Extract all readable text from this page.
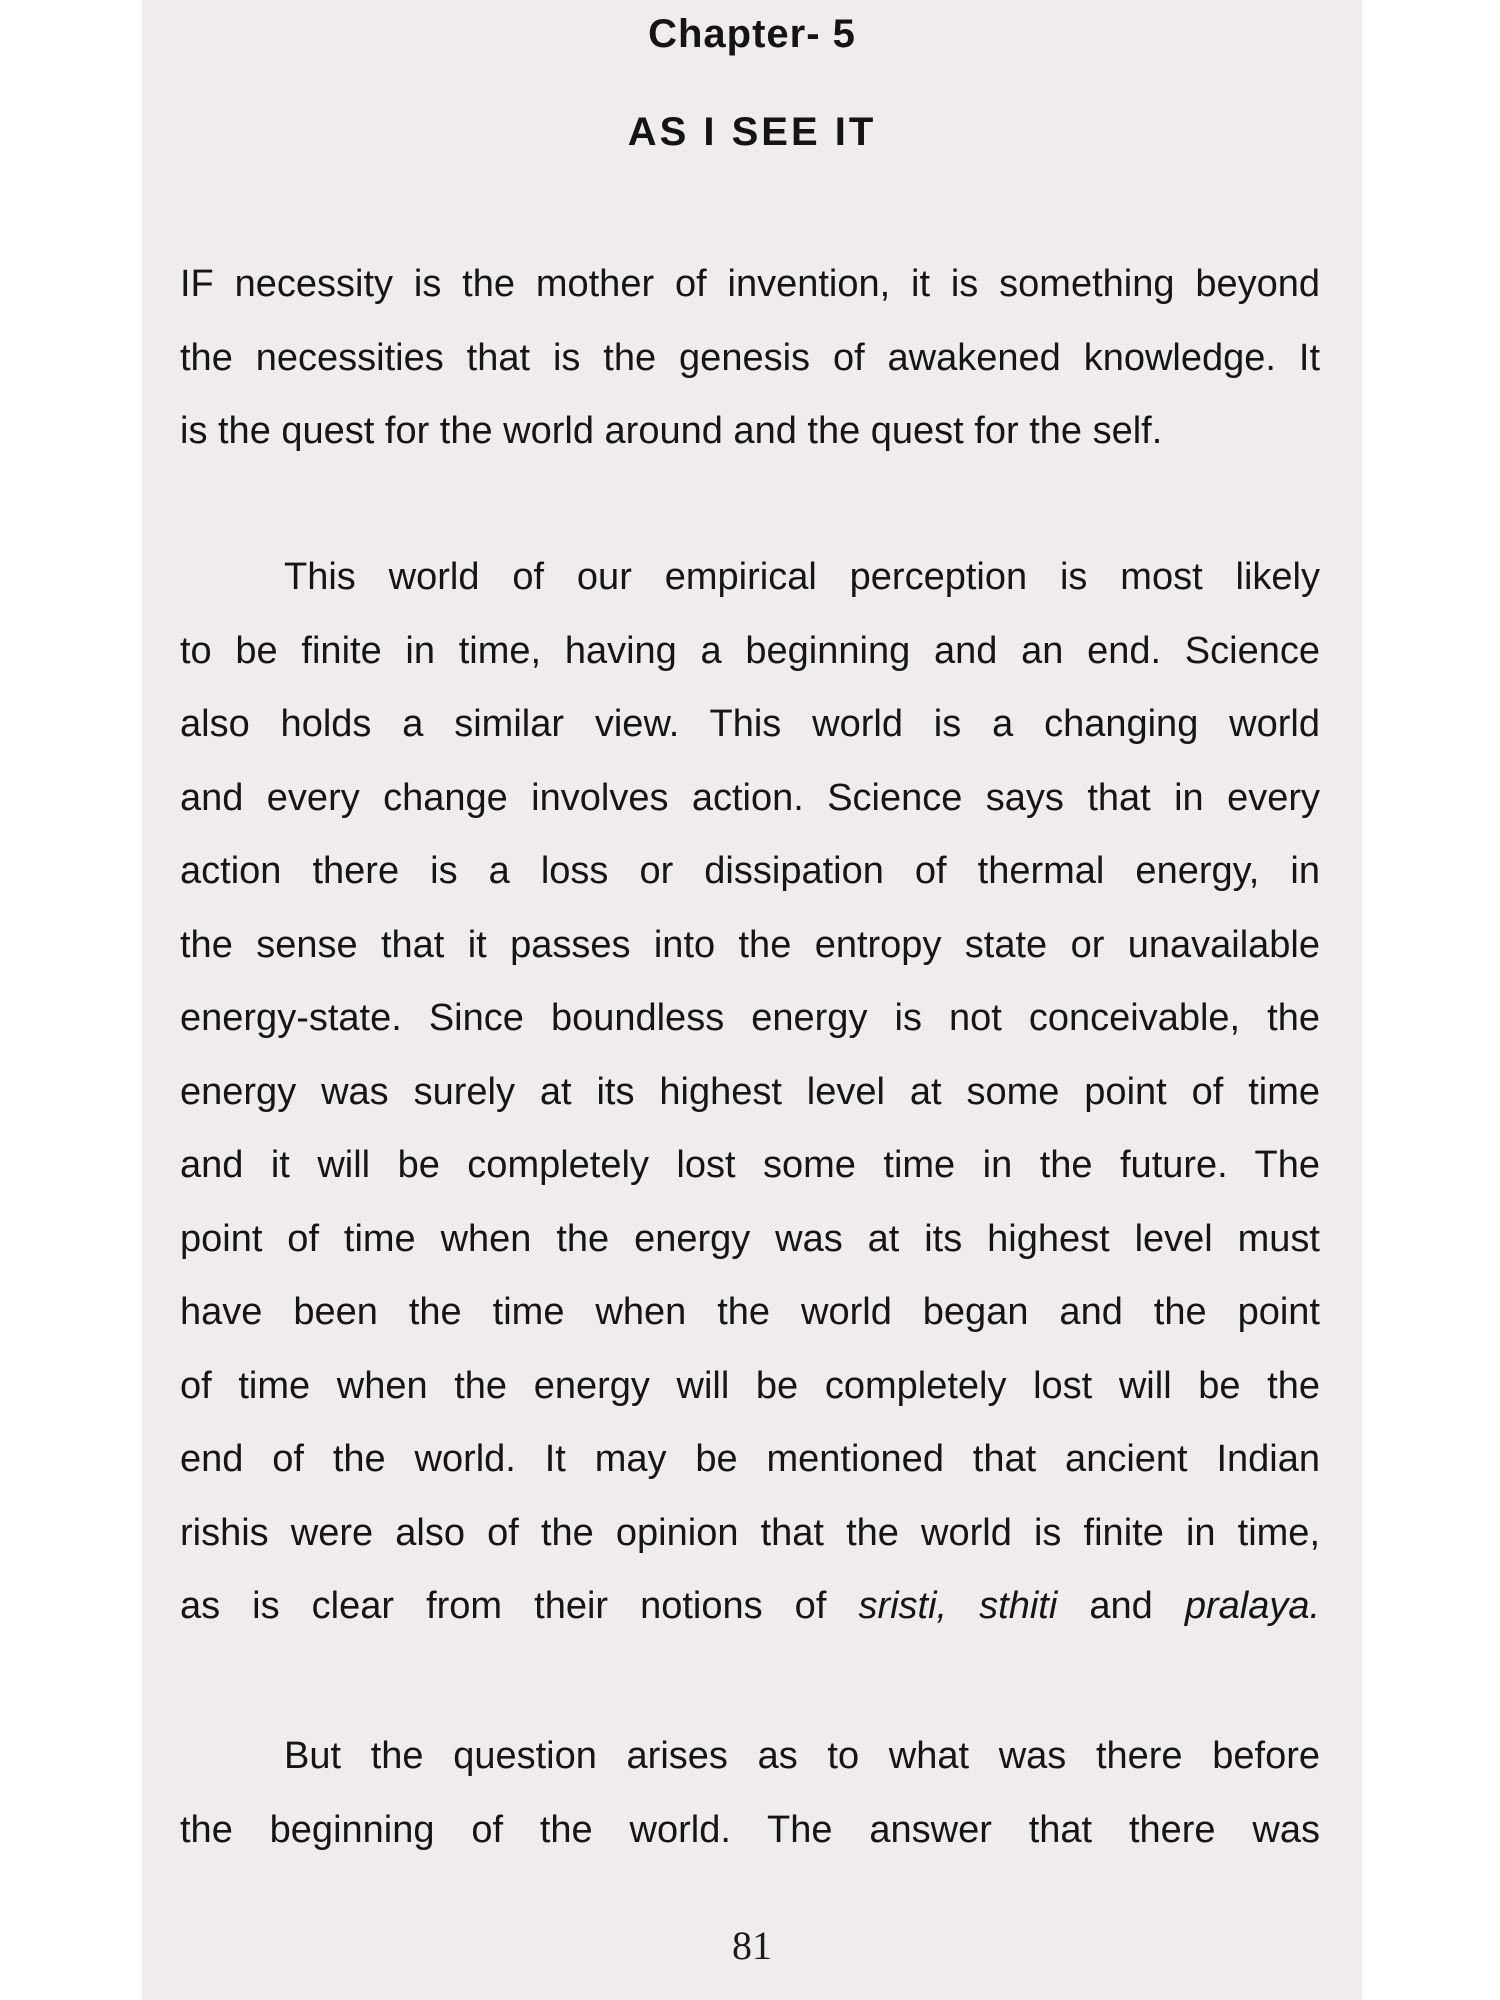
Chapter- 5
AS I SEE IT
IF necessity is the mother of invention, it is something beyond
the necessities that is the genesis of awakened knowledge. It
is the quest for the world around and the quest for the self.
This world of our empirical perception is most likely
to be finite in time, having a beginning and an end. Science
also holds a similar view. This world is a changing world
and every change involves action. Science says that in every
action there is a loss or dissipation of thermal energy, in
the sense that it passes into the entropy state or unavailable
energy-state. Since boundless energy is not conceivable, the
energy was surely at its highest level at some point of time
and it will be completely lost some time in the future. The
point of time when the energy was at its highest level must
have been the time when the world began and the point
of time when the energy will be completely lost will be the
end of the world. It may be mentioned that ancient Indian
rishis were also of the opinion that the world is finite in time,
as is clear from their notions of sristi, sthiti and pralaya.
But the question arises as to what was there before
the beginning of the world. The answer that there was
81
